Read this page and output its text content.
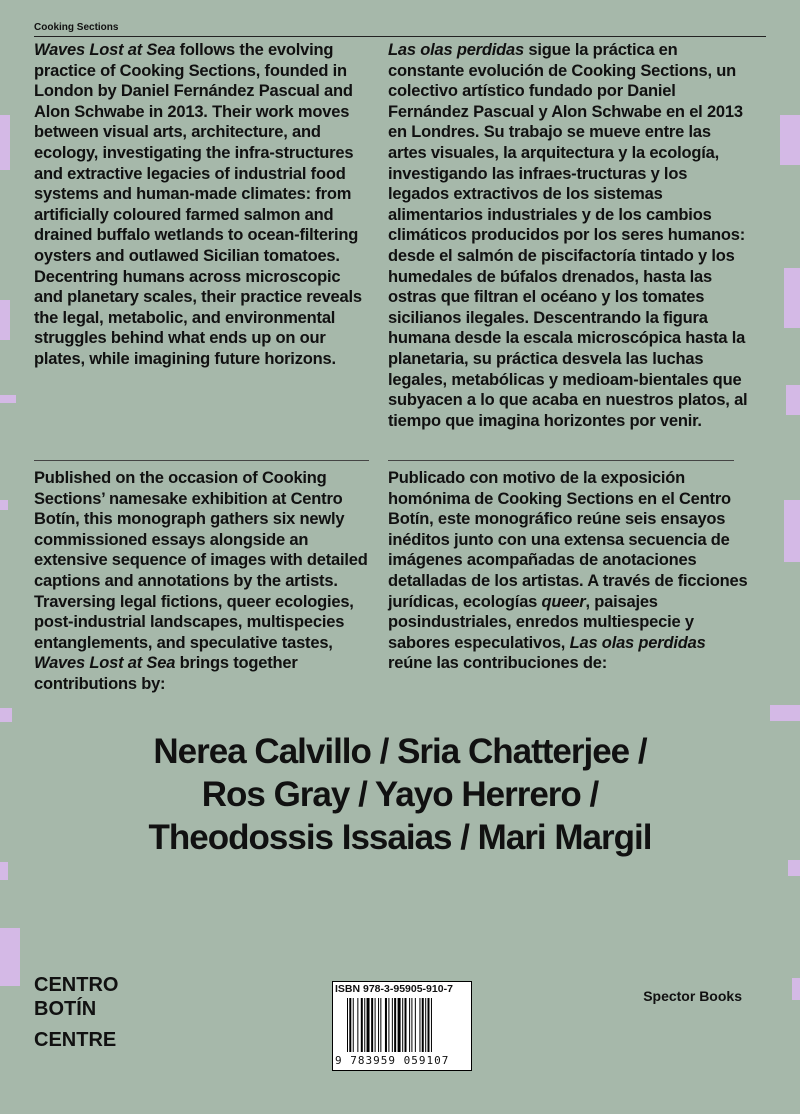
Cooking Sections

Waves Lost at Sea follows the evolving practice of Cooking Sections, founded in London by Daniel Fernández Pascual and Alon Schwabe in 2013. Their work moves between visual arts, architecture, and ecology, investigating the infra-structures and extractive legacies of industrial food systems and human-made climates: from artificially coloured farmed salmon and drained buffalo wetlands to ocean-filtering oysters and outlawed Sicilian tomatoes. Decentring humans across microscopic and planetary scales, their practice reveals the legal, metabolic, and environmental struggles behind what ends up on our plates, while imagining future horizons.

Las olas perdidas sigue la práctica en constante evolución de Cooking Sections, un colectivo artístico fundado por Daniel Fernández Pascual y Alon Schwabe en el 2013 en Londres. Su trabajo se mueve entre las artes visuales, la arquitectura y la ecología, investigando las infraes-tructuras y los legados extractivos de los sistemas alimentarios industriales y de los cambios climáticos producidos por los seres humanos: desde el salmón de piscifactoría tintado y los humedales de búfalos drenados, hasta las ostras que filtran el océano y los tomates sicilianos ilegales. Descentrando la figura humana desde la escala microscópica hasta la planetaria, su práctica desvela las luchas legales, metabólicas y medioam-bientales que subyacen a lo que acaba en nuestros platos, al tiempo que imagina horizontes por venir.

Published on the occasion of Cooking Sections’ namesake exhibition at Centro Botín, this monograph gathers six newly commissioned essays alongside an extensive sequence of images with detailed captions and annotations by the artists. Traversing legal fictions, queer ecologies, post-industrial landscapes, multispecies entanglements, and speculative tastes, Waves Lost at Sea brings together contributions by:

Publicado con motivo de la exposición homónima de Cooking Sections en el Centro Botín, este monográfico reúne seis ensayos inéditos junto con una extensa secuencia de imágenes acompañadas de anotaciones detalladas de los artistas. A través de ficciones jurídicas, ecologías queer, paisajes posindustriales, enredos multiespecie y sabores especulativos, Las olas perdidas reúne las contribuciones de:

Nerea Calvillo / Sria Chatterjee /
Ros Gray / Yayo Herrero /
Theodossis Issaias / Mari Margil
CENTRO
BOTÍN
CENTRE
ISBN 978-3-95905-910-7
9 783959 059107
Spector Books
